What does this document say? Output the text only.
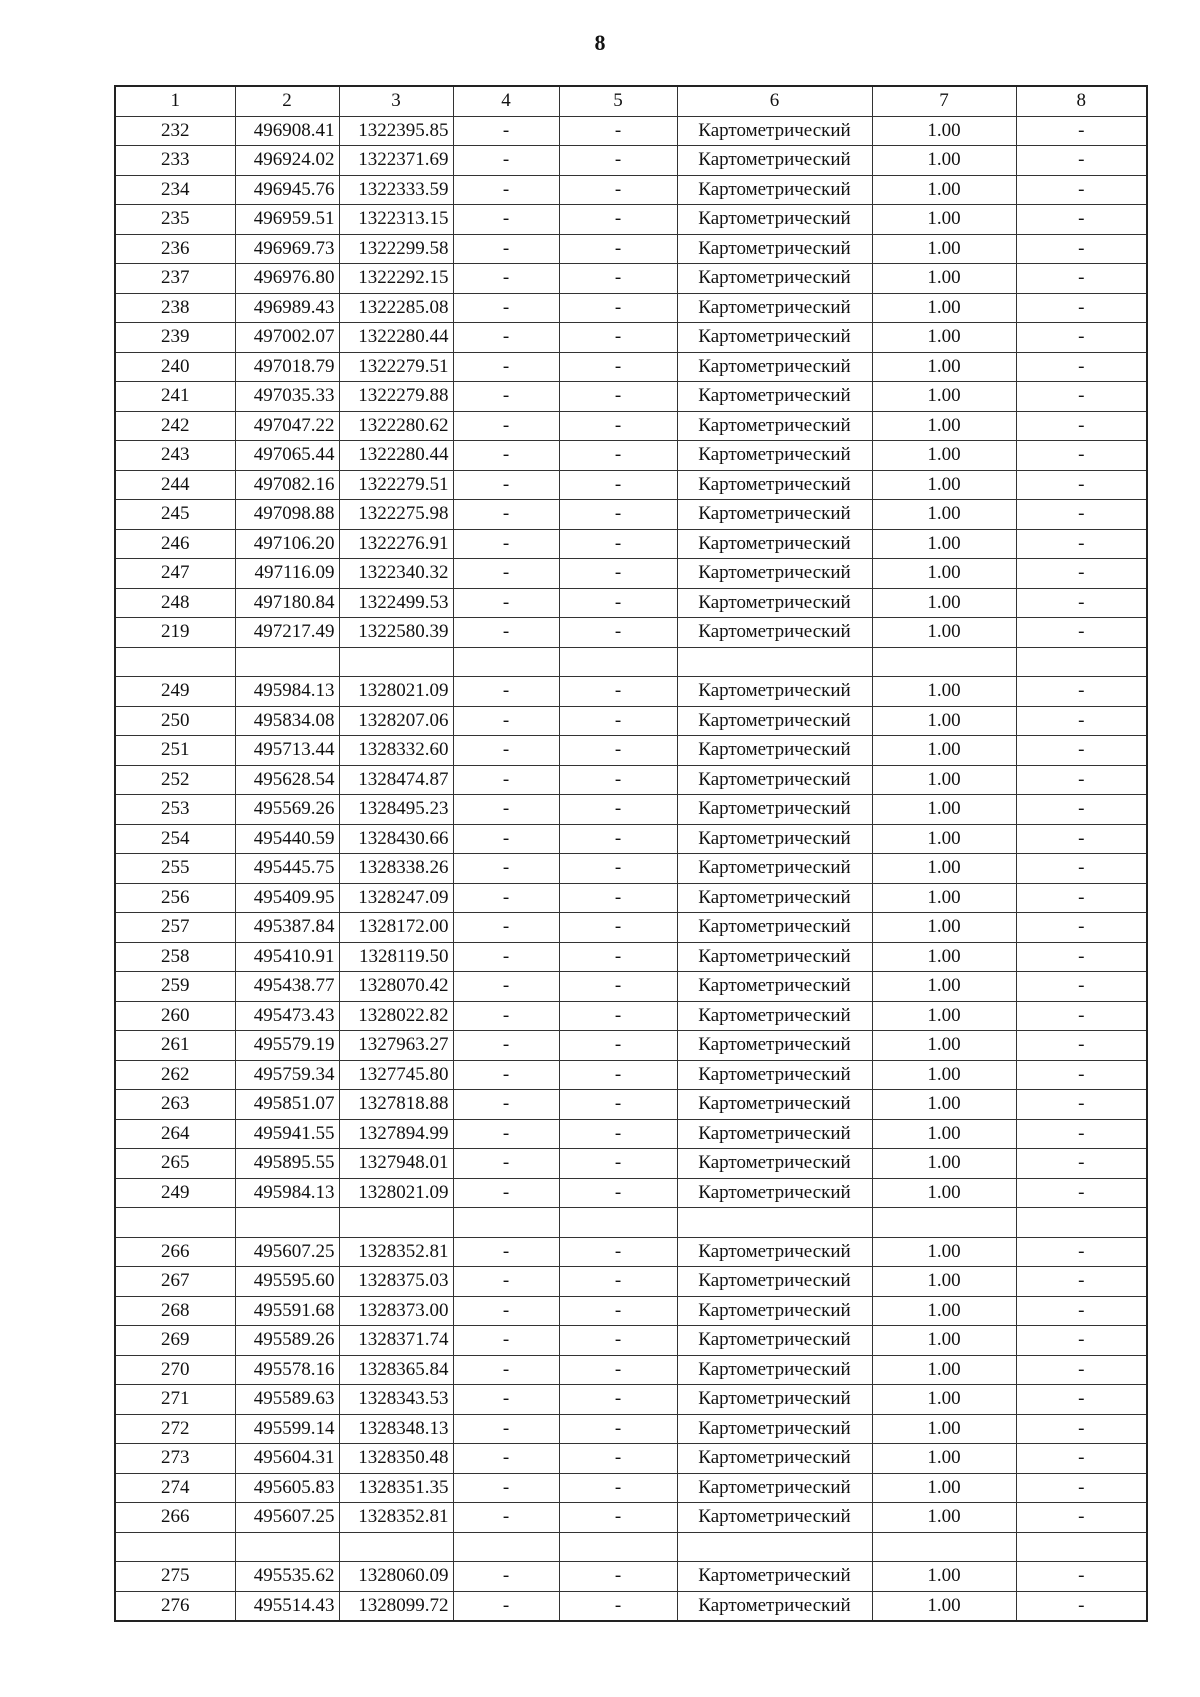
8
1	2	3	4	5	6	7	8
232	496908.41	1322395.85	-	-	Картометрический	1.00	-
233	496924.02	1322371.69	-	-	Картометрический	1.00	-
234	496945.76	1322333.59	-	-	Картометрический	1.00	-
235	496959.51	1322313.15	-	-	Картометрический	1.00	-
236	496969.73	1322299.58	-	-	Картометрический	1.00	-
237	496976.80	1322292.15	-	-	Картометрический	1.00	-
238	496989.43	1322285.08	-	-	Картометрический	1.00	-
239	497002.07	1322280.44	-	-	Картометрический	1.00	-
240	497018.79	1322279.51	-	-	Картометрический	1.00	-
241	497035.33	1322279.88	-	-	Картометрический	1.00	-
242	497047.22	1322280.62	-	-	Картометрический	1.00	-
243	497065.44	1322280.44	-	-	Картометрический	1.00	-
244	497082.16	1322279.51	-	-	Картометрический	1.00	-
245	497098.88	1322275.98	-	-	Картометрический	1.00	-
246	497106.20	1322276.91	-	-	Картометрический	1.00	-
247	497116.09	1322340.32	-	-	Картометрический	1.00	-
248	497180.84	1322499.53	-	-	Картометрический	1.00	-
219	497217.49	1322580.39	-	-	Картометрический	1.00	-

249	495984.13	1328021.09	-	-	Картометрический	1.00	-
250	495834.08	1328207.06	-	-	Картометрический	1.00	-
251	495713.44	1328332.60	-	-	Картометрический	1.00	-
252	495628.54	1328474.87	-	-	Картометрический	1.00	-
253	495569.26	1328495.23	-	-	Картометрический	1.00	-
254	495440.59	1328430.66	-	-	Картометрический	1.00	-
255	495445.75	1328338.26	-	-	Картометрический	1.00	-
256	495409.95	1328247.09	-	-	Картометрический	1.00	-
257	495387.84	1328172.00	-	-	Картометрический	1.00	-
258	495410.91	1328119.50	-	-	Картометрический	1.00	-
259	495438.77	1328070.42	-	-	Картометрический	1.00	-
260	495473.43	1328022.82	-	-	Картометрический	1.00	-
261	495579.19	1327963.27	-	-	Картометрический	1.00	-
262	495759.34	1327745.80	-	-	Картометрический	1.00	-
263	495851.07	1327818.88	-	-	Картометрический	1.00	-
264	495941.55	1327894.99	-	-	Картометрический	1.00	-
265	495895.55	1327948.01	-	-	Картометрический	1.00	-
249	495984.13	1328021.09	-	-	Картометрический	1.00	-

266	495607.25	1328352.81	-	-	Картометрический	1.00	-
267	495595.60	1328375.03	-	-	Картометрический	1.00	-
268	495591.68	1328373.00	-	-	Картометрический	1.00	-
269	495589.26	1328371.74	-	-	Картометрический	1.00	-
270	495578.16	1328365.84	-	-	Картометрический	1.00	-
271	495589.63	1328343.53	-	-	Картометрический	1.00	-
272	495599.14	1328348.13	-	-	Картометрический	1.00	-
273	495604.31	1328350.48	-	-	Картометрический	1.00	-
274	495605.83	1328351.35	-	-	Картометрический	1.00	-
266	495607.25	1328352.81	-	-	Картометрический	1.00	-

275	495535.62	1328060.09	-	-	Картометрический	1.00	-
276	495514.43	1328099.72	-	-	Картометрический	1.00	-
